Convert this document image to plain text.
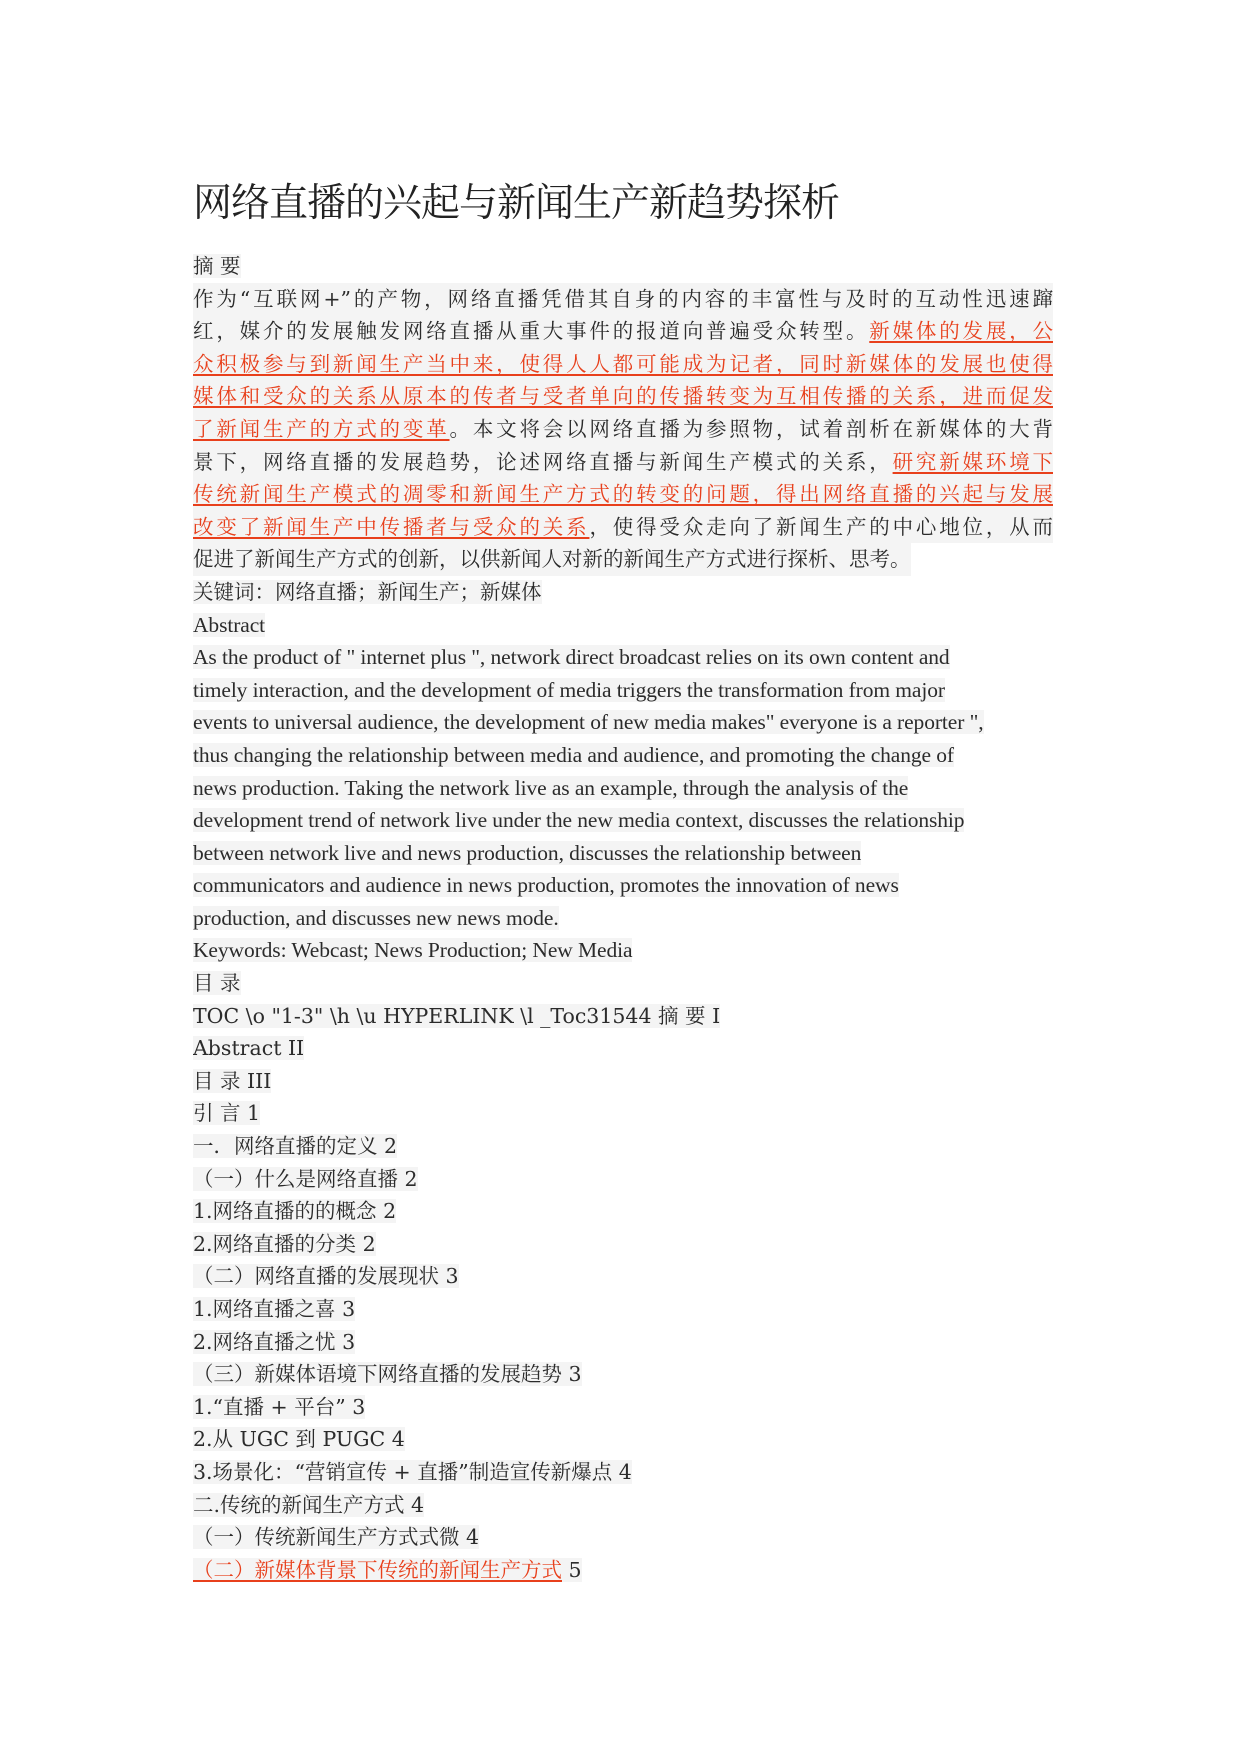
网络直播的兴起与新闻生产新趋势探析
摘 要
作为“互联网+”的产物，网络直播凭借其自身的内容的丰富性与及时的互动性迅速蹿
红，媒介的发展触发网络直播从重大事件的报道向普遍受众转型。新媒体的发展，公
众积极参与到新闻生产当中来，使得人人都可能成为记者，同时新媒体的发展也使得
媒体和受众的关系从原本的传者与受者单向的传播转变为互相传播的关系，进而促发
了新闻生产的方式的变革。本文将会以网络直播为参照物，试着剖析在新媒体的大背
景下，网络直播的发展趋势，论述网络直播与新闻生产模式的关系，研究新媒环境下
传统新闻生产模式的凋零和新闻生产方式的转变的问题，得出网络直播的兴起与发展
改变了新闻生产中传播者与受众的关系，使得受众走向了新闻生产的中心地位，从而
促进了新闻生产方式的创新，以供新闻人对新的新闻生产方式进行探析、思考。
关键词：网络直播；新闻生产；新媒体
Abstract
As the product of " internet plus ", network direct broadcast relies on its own content and
timely interaction, and the development of media triggers the transformation from major
events to universal audience, the development of new media makes" everyone is a reporter ",
thus changing the relationship between media and audience, and promoting the change of
news production. Taking the network live as an example, through the analysis of the
development trend of network live under the new media context, discusses the relationship
between network live and news production, discusses the relationship between
communicators and audience in news production, promotes the innovation of news
production, and discusses new news mode.
Keywords: Webcast; News Production; New Media
目 录
TOC \o "1-3" \h \u HYPERLINK \l _Toc31544 摘 要 I
Abstract II
目 录 III
引 言 1
一．网络直播的定义 2
（一）什么是网络直播 2
1.网络直播的的概念 2
2.网络直播的分类 2
（二）网络直播的发展现状 3
1.网络直播之喜 3
2.网络直播之忧 3
（三）新媒体语境下网络直播的发展趋势 3
1.“直播 + 平台” 3
2.从 UGC 到 PUGC 4
3.场景化：“营销宣传 + 直播”制造宣传新爆点 4
二.传统的新闻生产方式 4
（一）传统新闻生产方式式微 4
（二）新媒体背景下传统的新闻生产方式 5
